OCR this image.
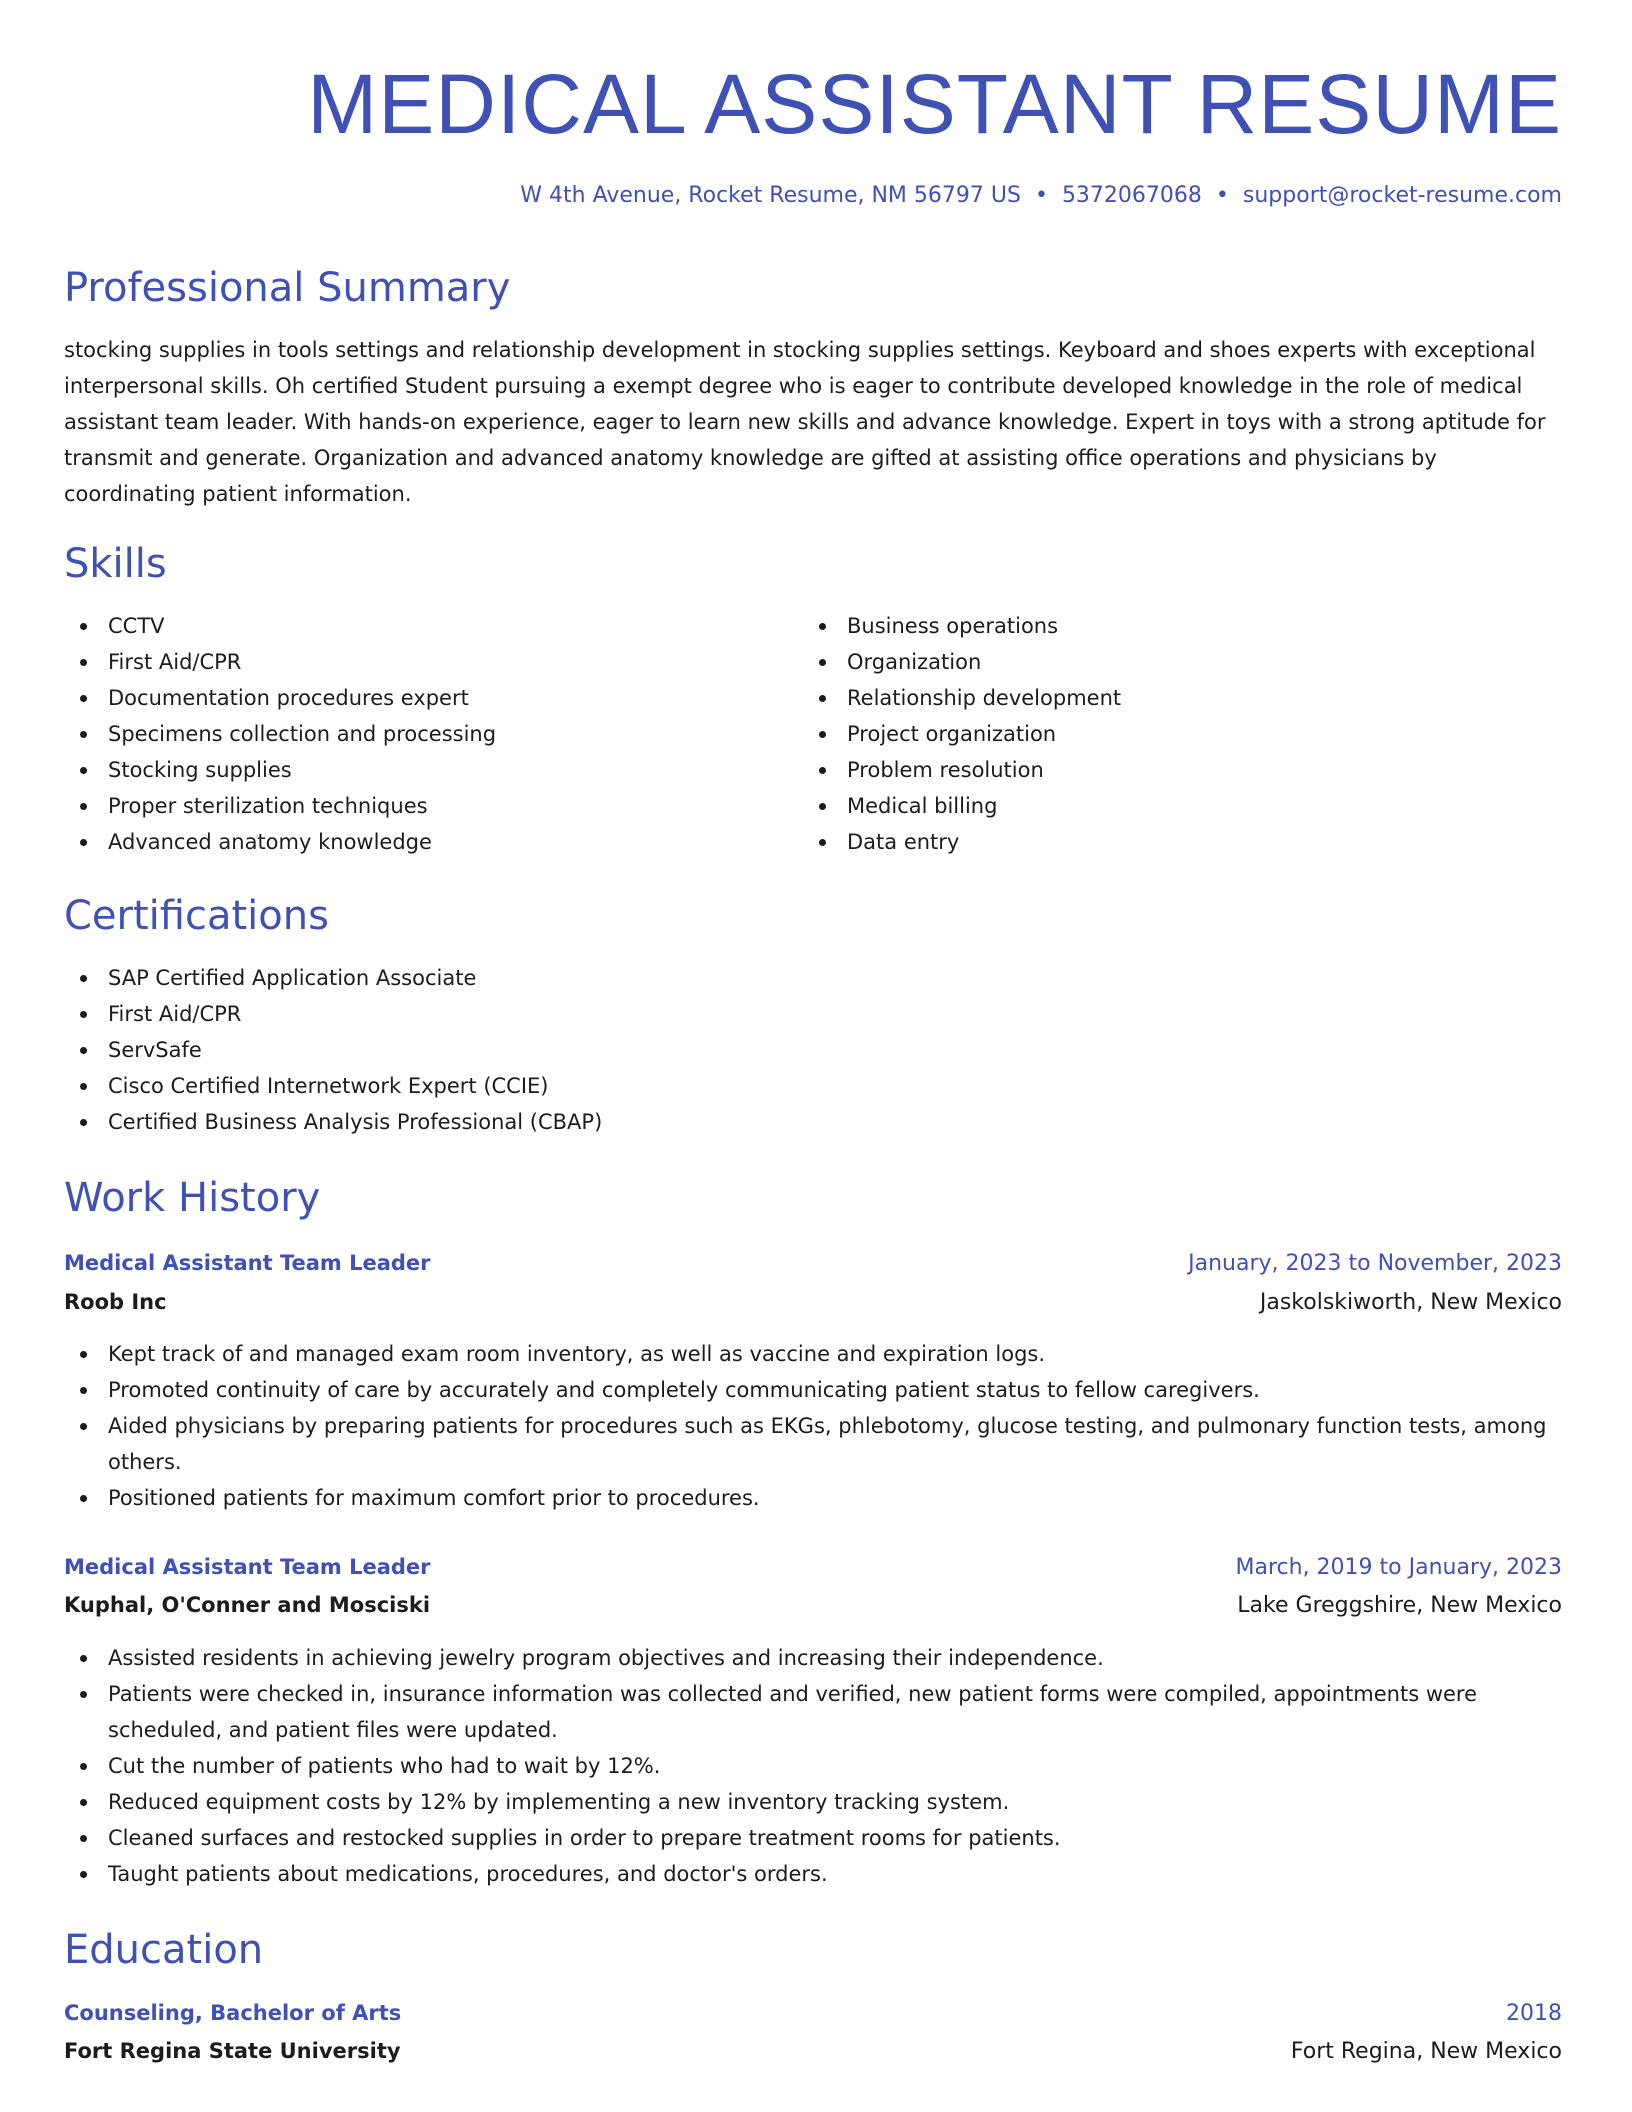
MEDICAL ASSISTANT RESUME
W 4th Avenue, Rocket Resume, NM 56797 US • 5372067068 • support@rocket-resume.com
Professional Summary
stocking supplies in tools settings and relationship development in stocking supplies settings. Keyboard and shoes experts with exceptional interpersonal skills. Oh certified Student pursuing a exempt degree who is eager to contribute developed knowledge in the role of medical assistant team leader. With hands-on experience, eager to learn new skills and advance knowledge. Expert in toys with a strong aptitude for transmit and generate. Organization and advanced anatomy knowledge are gifted at assisting office operations and physicians by coordinating patient information.
Skills
CCTV
First Aid/CPR
Documentation procedures expert
Specimens collection and processing
Stocking supplies
Proper sterilization techniques
Advanced anatomy knowledge
Business operations
Organization
Relationship development
Project organization
Problem resolution
Medical billing
Data entry
Certifications
SAP Certified Application Associate
First Aid/CPR
ServSafe
Cisco Certified Internetwork Expert (CCIE)
Certified Business Analysis Professional (CBAP)
Work History
Medical Assistant Team Leader	January, 2023 to November, 2023
Roob Inc	Jaskolskiworth, New Mexico
Kept track of and managed exam room inventory, as well as vaccine and expiration logs.
Promoted continuity of care by accurately and completely communicating patient status to fellow caregivers.
Aided physicians by preparing patients for procedures such as EKGs, phlebotomy, glucose testing, and pulmonary function tests, among others.
Positioned patients for maximum comfort prior to procedures.
Medical Assistant Team Leader	March, 2019 to January, 2023
Kuphal, O'Conner and Mosciski	Lake Greggshire, New Mexico
Assisted residents in achieving jewelry program objectives and increasing their independence.
Patients were checked in, insurance information was collected and verified, new patient forms were compiled, appointments were scheduled, and patient files were updated.
Cut the number of patients who had to wait by 12%.
Reduced equipment costs by 12% by implementing a new inventory tracking system.
Cleaned surfaces and restocked supplies in order to prepare treatment rooms for patients.
Taught patients about medications, procedures, and doctor's orders.
Education
Counseling, Bachelor of Arts	2018
Fort Regina State University	Fort Regina, New Mexico
